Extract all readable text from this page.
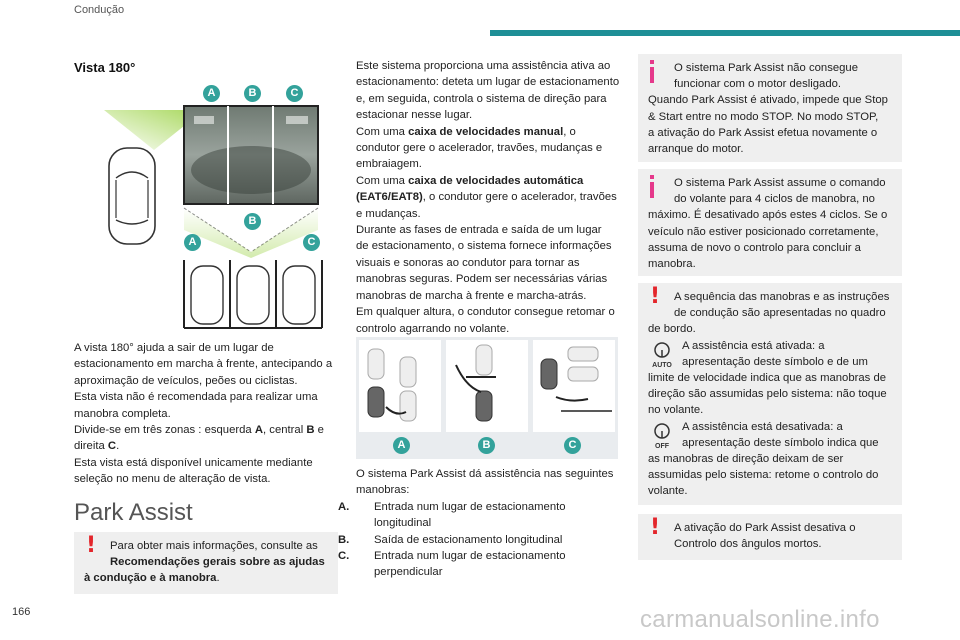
Condução
Vista 180°
A	B	C
B
A	C

A vista 180° ajuda a sair de um lugar de

estacionamento em marcha à frente, antecipando a

aproximação de veículos, peões ou ciclistas.

Esta vista não é recomendada para realizar uma

manobra completa.

Divide-se em três zonas : esquerda A, central B e

direita C.

Esta vista está disponível unicamente mediante

seleção no menu de alteração de vista.

Park Assist
!	Para obter mais informações, consulte as

Recomendações gerais sobre as ajudas

à condução e à manobra.

Este sistema proporciona uma assistência ativa ao

estacionamento: deteta um lugar de estacionamento

e, em seguida, controla o sistema de direção para

estacionar nesse lugar.

Com uma caixa de velocidades manual, o

condutor gere o acelerador, travões, mudanças e

embraiagem.

Com uma caixa de velocidades automática

(EAT6/EAT8), o condutor gere o acelerador, travões

e mudanças.

Durante as fases de entrada e saída de um lugar

de estacionamento, o sistema fornece informações

visuais e sonoras ao condutor para tornar as

manobras seguras. Podem ser necessárias várias

manobras de marcha à frente e marcha-atrás.

Em qualquer altura, o condutor consegue retomar o

controlo agarrando no volante.

A	B	C

O sistema Park Assist dá assistência nas seguintes

manobras:

A. Entrada num lugar de estacionamento longitudinal

B. Saída de estacionamento longitudinal

C. Entrada num lugar de estacionamento perpendicular

O sistema Park Assist não consegue

funcionar com o motor desligado.

Quando Park Assist é ativado, impede que Stop

& Start entre no modo STOP. No modo STOP,

a ativação do Park Assist efetua novamente o

arranque do motor.

O sistema Park Assist assume o comando

do volante para 4 ciclos de manobra, no

máximo. É desativado após estes 4 ciclos. Se o

veículo não estiver posicionado corretamente,

assuma de novo o controlo para concluir a

manobra.

!	A sequência das manobras e as instruções

de condução são apresentadas no quadro

de bordo.

AUTO

A assistência está ativada: a

apresentação deste símbolo e de um

limite de velocidade indica que as manobras de

direção são assumidas pelo sistema: não toque

no volante.

OFF

A assistência está desativada: a

apresentação deste símbolo indica que

as manobras de direção deixam de ser

assumidas pelo sistema: retome o controlo do

volante.

!	A ativação do Park Assist desativa o

Controlo dos ângulos mortos.

166	carmanualsonline.info
